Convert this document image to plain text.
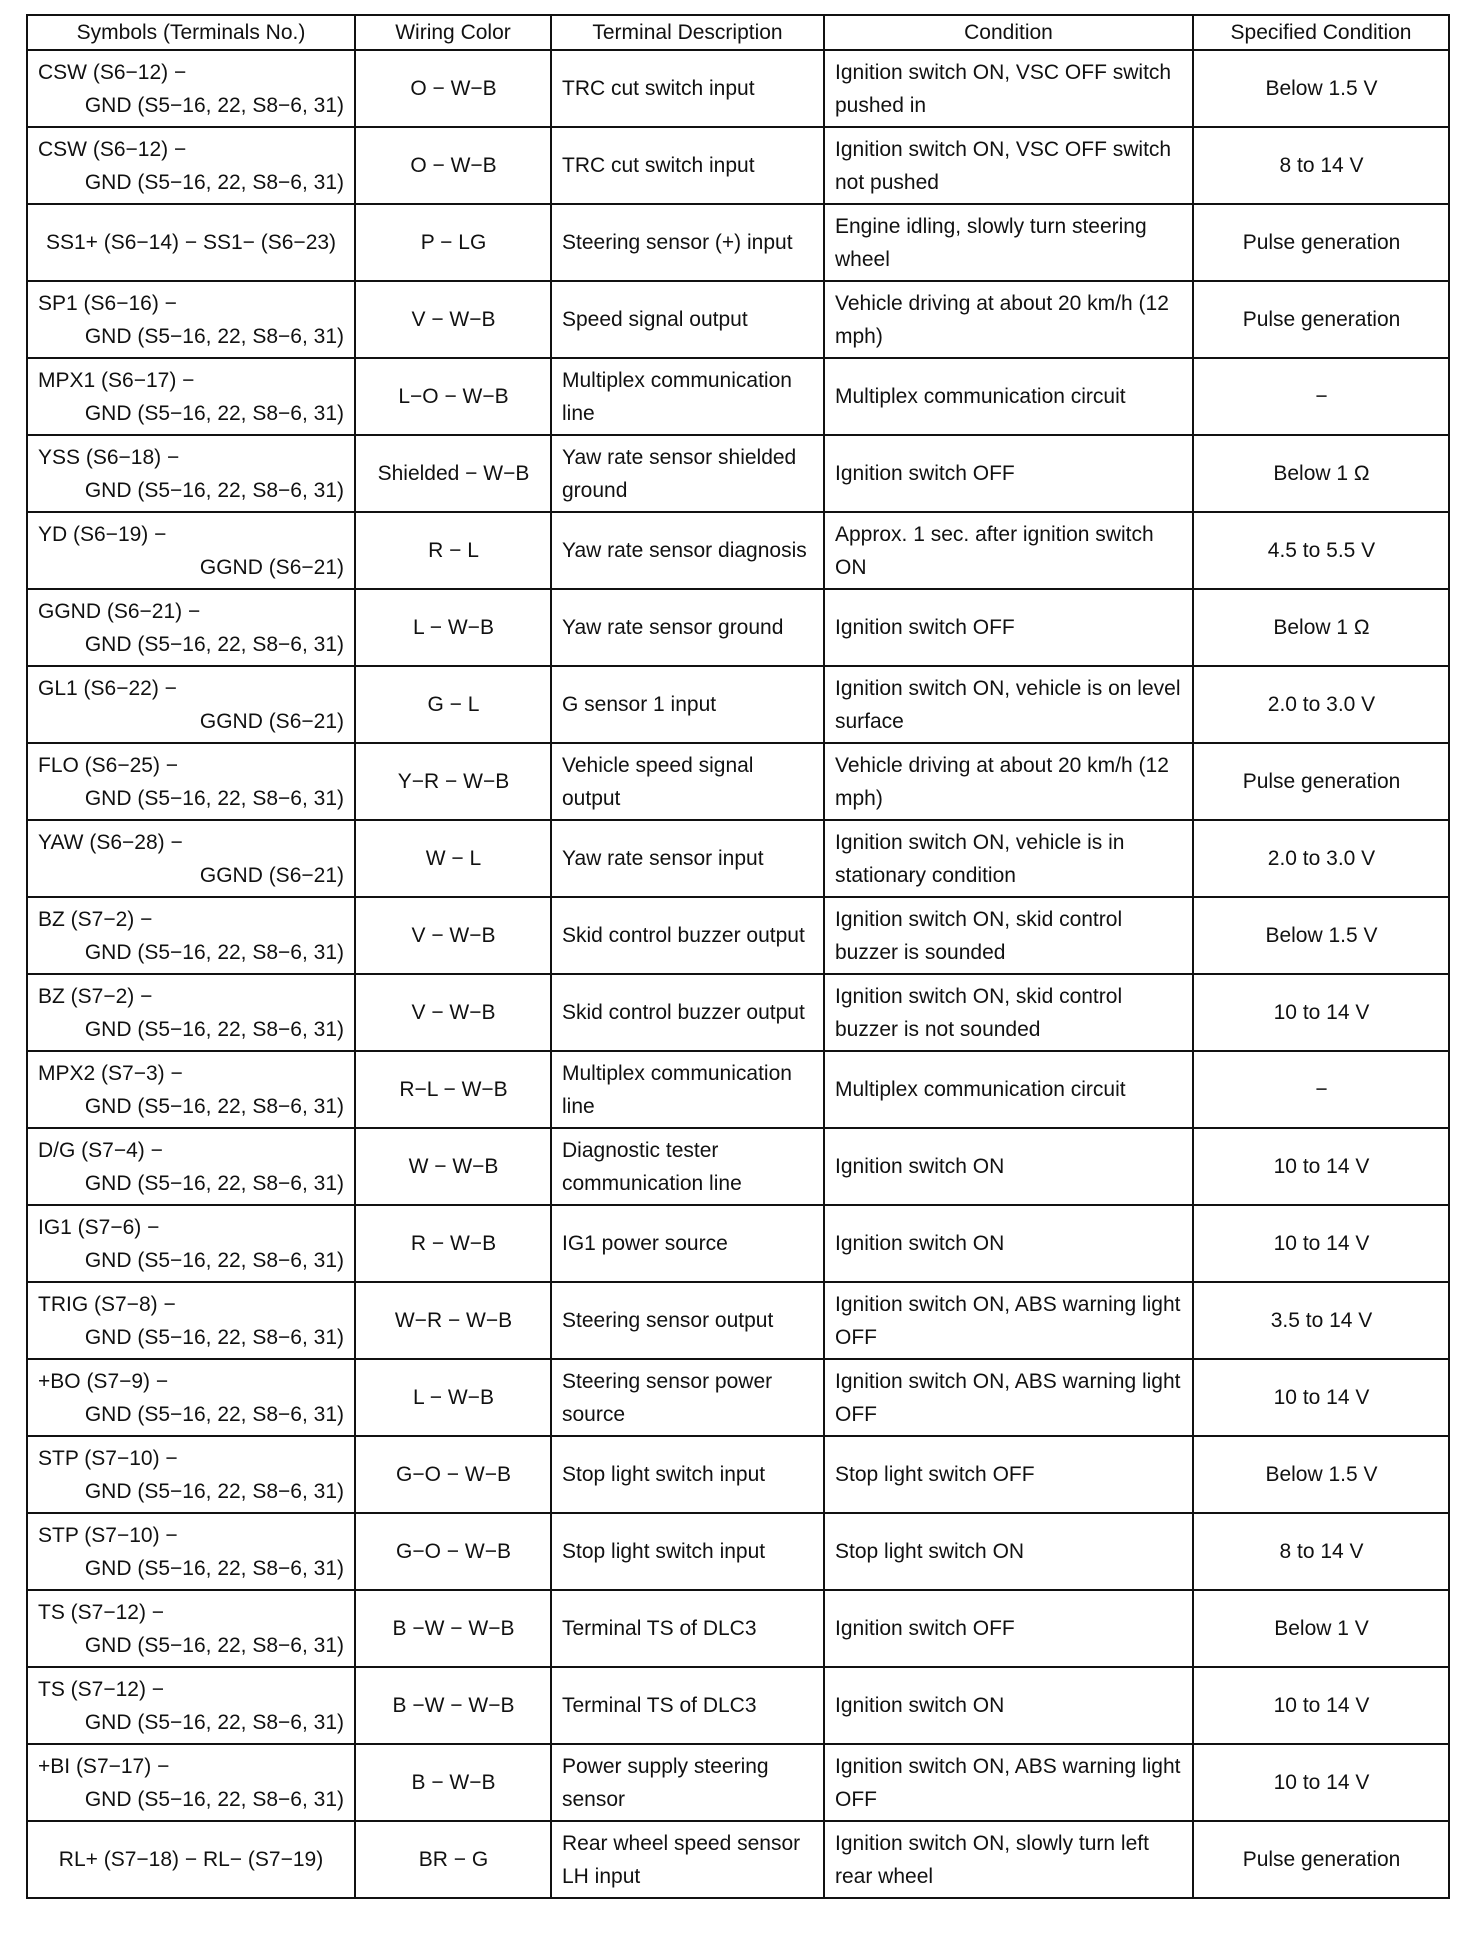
Symbols (Terminals No.)	Wiring Color	Terminal Description	Condition	Specified Condition

CSW (S6−12) −
GND (S5−16, 22, S8−6, 31)	O − W−B	TRC cut switch input	Ignition switch ON, VSC OFF switch pushed in	Below 1.5 V

CSW (S6−12) −
GND (S5−16, 22, S8−6, 31)	O − W−B	TRC cut switch input	Ignition switch ON, VSC OFF switch not pushed	8 to 14 V
SS1+ (S6−14) − SS1− (S6−23)	P − LG	Steering sensor (+) input	Engine idling, slowly turn steering wheel	Pulse generation

SP1 (S6−16) −
GND (S5−16, 22, S8−6, 31)	V − W−B	Speed signal output	Vehicle driving at about 20 km/h (12 mph)	Pulse generation

MPX1 (S6−17) −
GND (S5−16, 22, S8−6, 31)	L−O − W−B	Multiplex communication line	Multiplex communication circuit	−

YSS (S6−18) −
GND (S5−16, 22, S8−6, 31)	Shielded − W−B	Yaw rate sensor shielded ground	Ignition switch OFF	Below 1 Ω

YD (S6−19) −
GGND (S6−21)	R − L	Yaw rate sensor diagnosis	Approx. 1 sec. after ignition switch ON	4.5 to 5.5 V

GGND (S6−21) −
GND (S5−16, 22, S8−6, 31)	L − W−B	Yaw rate sensor ground	Ignition switch OFF	Below 1 Ω

GL1 (S6−22) −
GGND (S6−21)	G − L	G sensor 1 input	Ignition switch ON, vehicle is on level surface	2.0 to 3.0 V

FLO (S6−25) −
GND (S5−16, 22, S8−6, 31)	Y−R − W−B	Vehicle speed signal output	Vehicle driving at about 20 km/h (12 mph)	Pulse generation

YAW (S6−28) −
GGND (S6−21)	W − L	Yaw rate sensor input	Ignition switch ON, vehicle is in stationary condition	2.0 to 3.0 V

BZ (S7−2) −
GND (S5−16, 22, S8−6, 31)	V − W−B	Skid control buzzer output	Ignition switch ON, skid control buzzer is sounded	Below 1.5 V

BZ (S7−2) −
GND (S5−16, 22, S8−6, 31)	V − W−B	Skid control buzzer output	Ignition switch ON, skid control buzzer is not sounded	10 to 14 V

MPX2 (S7−3) −
GND (S5−16, 22, S8−6, 31)	R−L − W−B	Multiplex communication line	Multiplex communication circuit	−

D/G (S7−4) −
GND (S5−16, 22, S8−6, 31)	W − W−B	Diagnostic tester communication line	Ignition switch ON	10 to 14 V

IG1 (S7−6) −
GND (S5−16, 22, S8−6, 31)	R − W−B	IG1 power source	Ignition switch ON	10 to 14 V

TRIG (S7−8) −
GND (S5−16, 22, S8−6, 31)	W−R − W−B	Steering sensor output	Ignition switch ON, ABS warning light OFF	3.5 to 14 V

+BO (S7−9) −
GND (S5−16, 22, S8−6, 31)	L − W−B	Steering sensor power source	Ignition switch ON, ABS warning light OFF	10 to 14 V

STP (S7−10) −
GND (S5−16, 22, S8−6, 31)	G−O − W−B	Stop light switch input	Stop light switch OFF	Below 1.5 V

STP (S7−10) −
GND (S5−16, 22, S8−6, 31)	G−O − W−B	Stop light switch input	Stop light switch ON	8 to 14 V

TS (S7−12) −
GND (S5−16, 22, S8−6, 31)	B −W − W−B	Terminal TS of DLC3	Ignition switch OFF	Below 1 V

TS (S7−12) −
GND (S5−16, 22, S8−6, 31)	B −W − W−B	Terminal TS of DLC3	Ignition switch ON	10 to 14 V

+BI (S7−17) −
GND (S5−16, 22, S8−6, 31)	B − W−B	Power supply steering sensor	Ignition switch ON, ABS warning light OFF	10 to 14 V
RL+ (S7−18) − RL− (S7−19)	BR − G	Rear wheel speed sensor LH input	Ignition switch ON, slowly turn left rear wheel	Pulse generation
